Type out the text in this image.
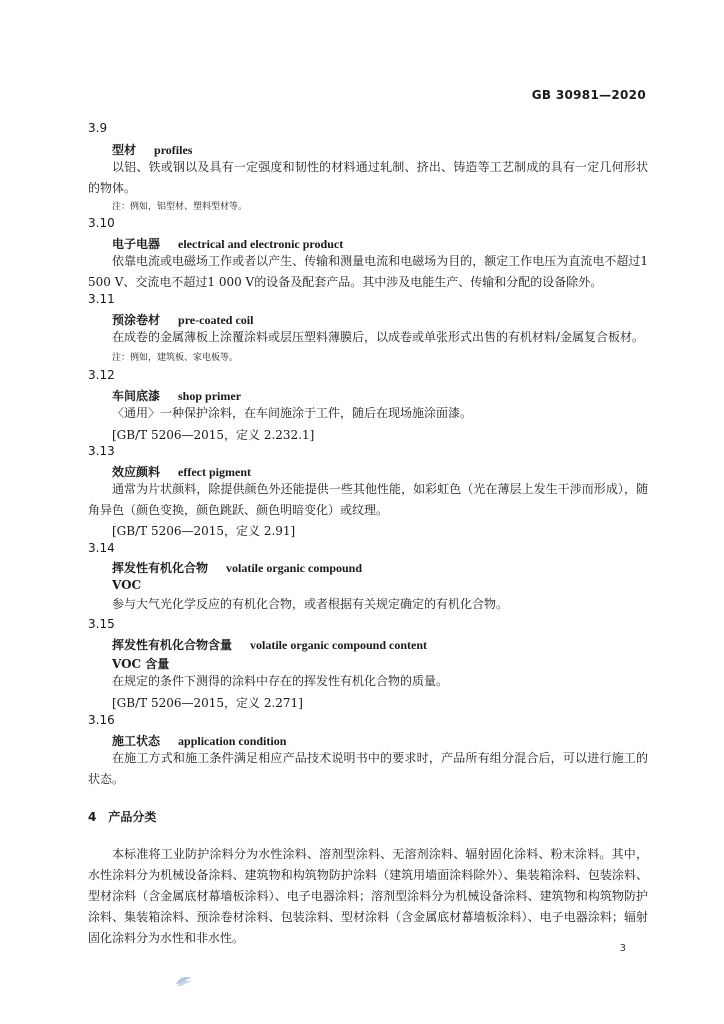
GB 30981—2020
3.9
型材 profiles
以铝、铁或钢以及具有一定强度和韧性的材料通过轧制、挤出、铸造等工艺制成的具有一定几何形状的物体。
注：例如，铝型材、塑料型材等。
3.10
电子电器 electrical and electronic product
依靠电流或电磁场工作或者以产生、传输和测量电流和电磁场为目的，额定工作电压为直流电不超过1 500 V、交流电不超过1 000 V的设备及配套产品。其中涉及电能生产、传输和分配的设备除外。
3.11
预涂卷材 pre-coated coil
在成卷的金属薄板上涂覆涂料或层压塑料薄膜后，以成卷或单张形式出售的有机材料/金属复合板材。
注：例如，建筑板、家电板等。
3.12
车间底漆 shop primer
〈通用〉一种保护涂料，在车间施涂于工件，随后在现场施涂面漆。
[GB/T 5206—2015，定义 2.232.1]
3.13
效应颜料 effect pigment
通常为片状颜料，除提供颜色外还能提供一些其他性能，如彩虹色（光在薄层上发生干涉而形成），随角异色（颜色变换，颜色跳跃、颜色明暗变化）或纹理。
[GB/T 5206—2015，定义 2.91]
3.14
挥发性有机化合物 volatile organic compound
VOC
参与大气光化学反应的有机化合物，或者根据有关规定确定的有机化合物。
3.15
挥发性有机化合物含量 volatile organic compound content
VOC 含量
在规定的条件下测得的涂料中存在的挥发性有机化合物的质量。
[GB/T 5206—2015，定义 2.271]
3.16
施工状态 application condition
在施工方式和施工条件满足相应产品技术说明书中的要求时，产品所有组分混合后，可以进行施工的状态。
4　产品分类
本标准将工业防护涂料分为水性涂料、溶剂型涂料、无溶剂涂料、辐射固化涂料、粉末涂料。其中，水性涂料分为机械设备涂料、建筑物和构筑物防护涂料（建筑用墙面涂料除外）、集装箱涂料、包装涂料、型材涂料（含金属底材幕墙板涂料）、电子电器涂料；溶剂型涂料分为机械设备涂料、建筑物和构筑物防护涂料、集装箱涂料、预涂卷材涂料、包装涂料、型材涂料（含金属底材幕墙板涂料）、电子电器涂料；辐射固化涂料分为水性和非水性。
3
